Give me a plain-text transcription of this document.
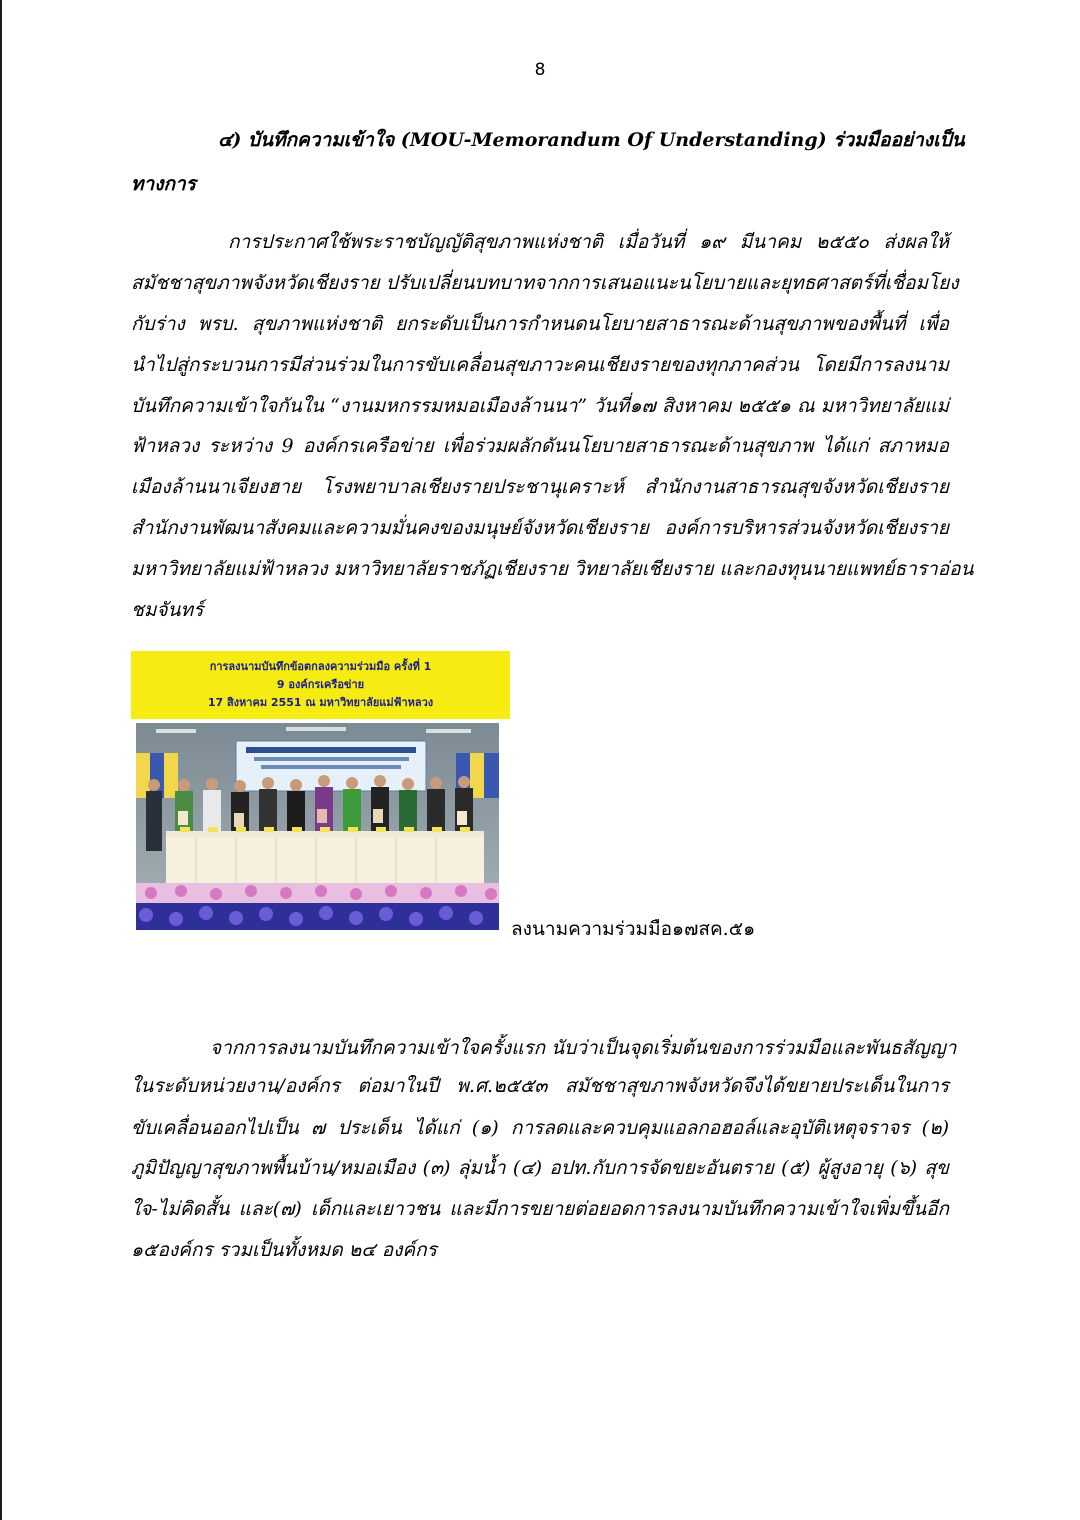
8
๔) บันทึกความเข้าใจ (MOU-Memorandum Of Understanding) ร่วมมืออย่างเป็น
ทางการ
การประกาศใช้พระราชบัญญัติสุขภาพแห่งชาติ เมื่อวันที่ ๑๙ มีนาคม ๒๕๕๐ ส่งผลให้
สมัชชาสุขภาพจังหวัดเชียงราย ปรับเปลี่ยนบทบาทจากการเสนอแนะนโยบายและยุทธศาสตร์ที่เชื่อมโยง
กับร่าง พรบ. สุขภาพแห่งชาติ ยกระดับเป็นการกำหนดนโยบายสาธารณะด้านสุขภาพของพื้นที่ เพื่อ
นำไปสู่กระบวนการมีส่วนร่วมในการขับเคลื่อนสุขภาวะคนเชียงรายของทุกภาคส่วน โดยมีการลงนาม
บันทึกความเข้าใจกันใน “งานมหกรรมหมอเมืองล้านนา” วันที่๑๗ สิงหาคม ๒๕๕๑ ณ มหาวิทยาลัยแม่
ฟ้าหลวง ระหว่าง 9 องค์กรเครือข่าย เพื่อร่วมผลักดันนโยบายสาธารณะด้านสุขภาพ ได้แก่ สภาหมอ
เมืองล้านนาเจียงฮาย โรงพยาบาลเชียงรายประชานุเคราะห์ สำนักงานสาธารณสุขจังหวัดเชียงราย
สำนักงานพัฒนาสังคมและความมั่นคงของมนุษย์จังหวัดเชียงราย องค์การบริหารส่วนจังหวัดเชียงราย
มหาวิทยาลัยแม่ฟ้าหลวง มหาวิทยาลัยราชภัฏเชียงราย วิทยาลัยเชียงราย และกองทุนนายแพทย์ธาราอ่อน
ชมจันทร์
การลงนามบันทึกข้อตกลงความร่วมมือ ครั้งที่ 1
9 องค์กรเครือข่าย
17 สิงหาคม 2551 ณ มหาวิทยาลัยแม่ฟ้าหลวง
ลงนามความร่วมมือ๑๗สค.๕๑
จากการลงนามบันทึกความเข้าใจครั้งแรก นับว่าเป็นจุดเริ่มต้นของการร่วมมือและพันธสัญญา
ในระดับหน่วยงาน/องค์กร ต่อมาในปี พ.ศ.๒๕๕๓ สมัชชาสุขภาพจังหวัดจึงได้ขยายประเด็นในการ
ขับเคลื่อนออกไปเป็น ๗ ประเด็น ได้แก่ (๑) การลดและควบคุมแอลกอฮอล์และอุบัติเหตุจราจร (๒)
ภูมิปัญญาสุขภาพพื้นบ้าน/หมอเมือง (๓) ลุ่มน้ำ (๔) อปท.กับการจัดขยะอันตราย (๕) ผู้สูงอายุ (๖) สุข
ใจ-ไม่คิดสั้น และ(๗) เด็กและเยาวชน และมีการขยายต่อยอดการลงนามบันทึกความเข้าใจเพิ่มขึ้นอีก
๑๕องค์กร รวมเป็นทั้งหมด ๒๔ องค์กร
